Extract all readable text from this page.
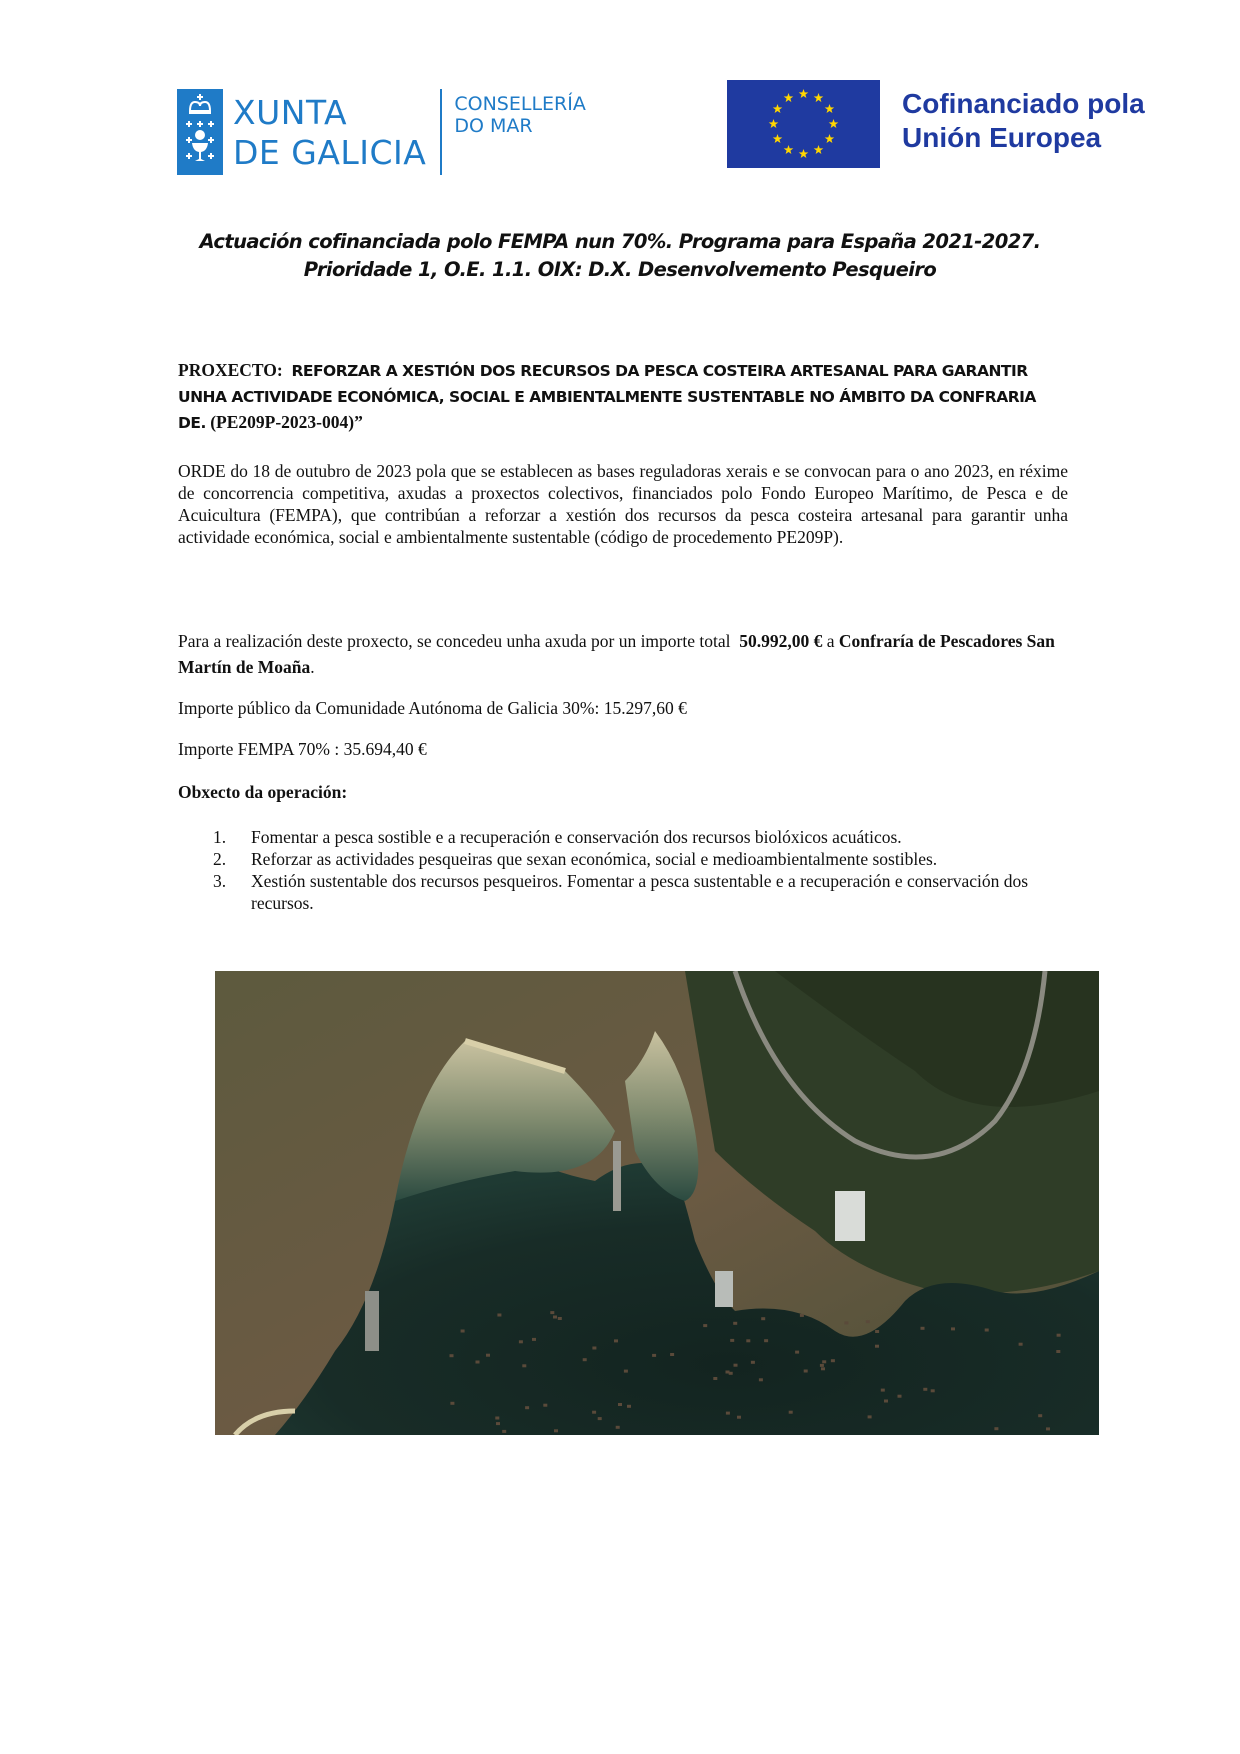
XUNTA
DE GALICIA
CONSELLERÍA
DO MAR
Cofinanciado pola
Unión Europea
Actuación cofinanciada polo FEMPA nun 70%. Programa para España 2021-2027.
Prioridade 1, O.E. 1.1. OIX: D.X. Desenvolvemento Pesqueiro
PROXECTO: REFORZAR A XESTIÓN DOS RECURSOS DA PESCA COSTEIRA ARTESANAL PARA GARANTIR UNHA ACTIVIDADE ECONÓMICA, SOCIAL E AMBIENTALMENTE SUSTENTABLE NO ÁMBITO DA CONFRARIA DE. (PE209P-2023-004)”
ORDE do 18 de outubro de 2023 pola que se establecen as bases reguladoras xerais e se convocan para o ano 2023, en réxime de concorrencia competitiva, axudas a proxectos colectivos, financiados polo Fondo Europeo Marítimo, de Pesca e de Acuicultura (FEMPA), que contribúan a reforzar a xestión dos recursos da pesca costeira artesanal para garantir unha actividade económica, social e ambientalmente sustentable (código de procedemento PE209P).
Para a realización deste proxecto, se concedeu unha axuda por un importe total 50.992,00 € a Confraría de Pescadores San Martín de Moaña.
Importe público da Comunidade Autónoma de Galicia 30%: 15.297,60 €
Importe FEMPA 70% : 35.694,40 €
Obxecto da operación:
1.	Fomentar a pesca sostible e a recuperación e conservación dos recursos biolóxicos acuáticos.
2.	Reforzar as actividades pesqueiras que sexan económica, social e medioambientalmente sostibles.
3.	Xestión sustentable dos recursos pesqueiros. Fomentar a pesca sustentable e a recuperación e conservación dos recursos.
